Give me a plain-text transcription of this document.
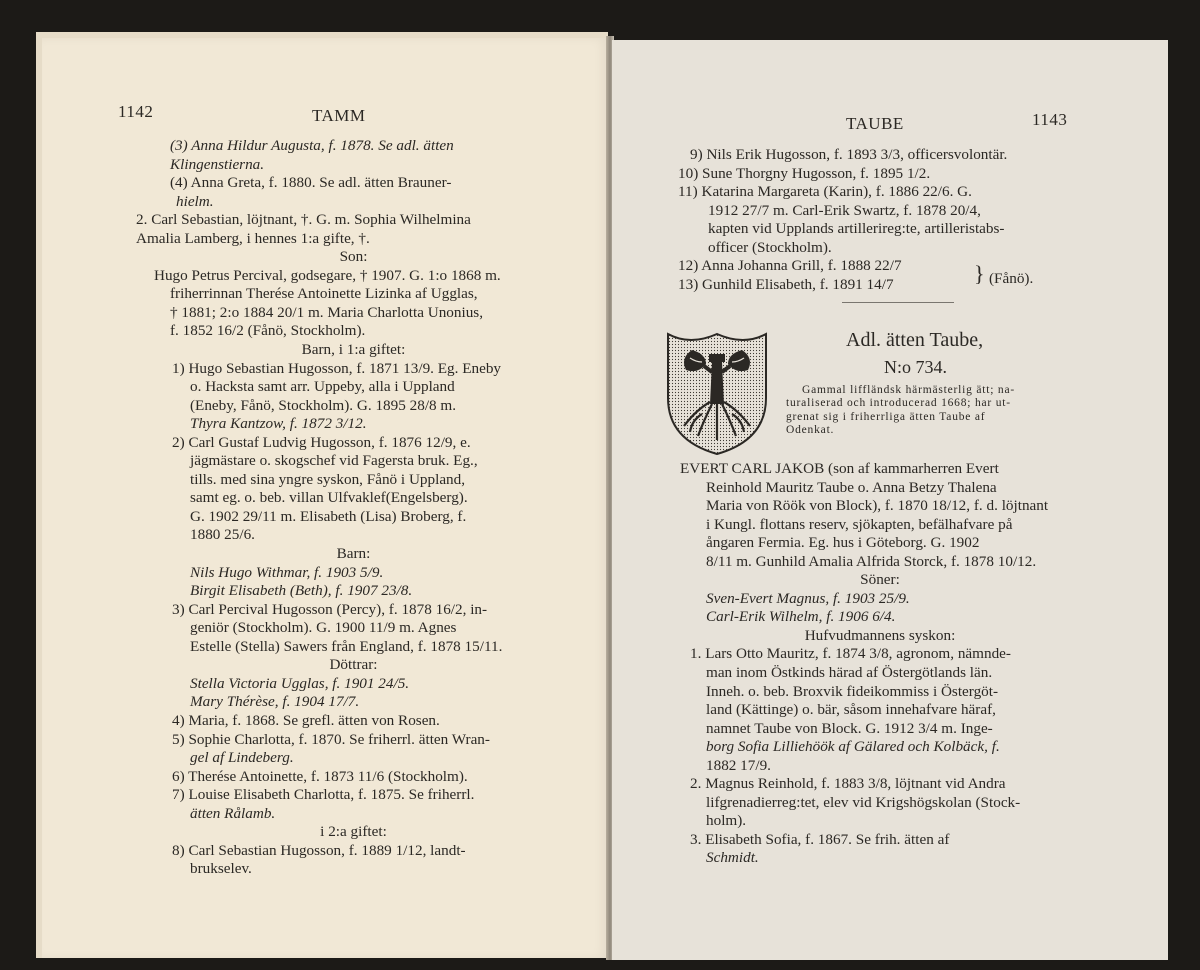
1142	TAMM

(3) Anna Hildur Augusta, f. 1878. Se adl. ätten

Klingenstierna.

(4) Anna Greta, f. 1880. Se adl. ätten Brauner-

hielm.

2. Carl Sebastian, löjtnant, †. G. m. Sophia Wilhelmina

Amalia Lamberg, i hennes 1:a gifte, †.

Son:

Hugo Petrus Percival, godsegare, † 1907. G. 1:o 1868 m.

friherrinnan Therése Antoinette Lizinka af Ugglas,

† 1881; 2:o 1884 20/1 m. Maria Charlotta Unonius,

f. 1852 16/2 (Fånö, Stockholm).

Barn, i 1:a giftet:

1) Hugo Sebastian Hugosson, f. 1871 13/9. Eg. Eneby

o. Hacksta samt arr. Uppeby, alla i Uppland

(Eneby, Fånö, Stockholm). G. 1895 28/8 m.

Thyra Kantzow, f. 1872 3/12.

2) Carl Gustaf Ludvig Hugosson, f. 1876 12/9, e.

jägmästare o. skogschef vid Fagersta bruk. Eg.,

tills. med sina yngre syskon, Fånö i Uppland,

samt eg. o. beb. villan Ulfvaklef(Engelsberg).

G. 1902 29/11 m. Elisabeth (Lisa) Broberg, f.

1880 25/6.

Barn:

Nils Hugo Withmar, f. 1903 5/9.

Birgit Elisabeth (Beth), f. 1907 23/8.

3) Carl Percival Hugosson (Percy), f. 1878 16/2, in-

geniör (Stockholm). G. 1900 11/9 m. Agnes

Estelle (Stella) Sawers från England, f. 1878 15/11.

Döttrar:

Stella Victoria Ugglas, f. 1901 24/5.

Mary Thérèse, f. 1904 17/7.

4) Maria, f. 1868. Se grefl. ätten von Rosen.

5) Sophie Charlotta, f. 1870. Se friherrl. ätten Wran-

gel af Lindeberg.

6) Therése Antoinette, f. 1873 11/6 (Stockholm).

7) Louise Elisabeth Charlotta, f. 1875. Se friherrl.

ätten Rålamb.

i 2:a giftet:

8) Carl Sebastian Hugosson, f. 1889 1/12, landt-

brukselev.

TAUBE	1143

9) Nils Erik Hugosson, f. 1893 3/3, officersvolontär.

10) Sune Thorgny Hugosson, f. 1895 1/2.

11) Katarina Margareta (Karin), f. 1886 22/6. G.

1912 27/7 m. Carl-Erik Swartz, f. 1878 20/4,

kapten vid Upplands artillerireg:te, artilleristabs-

officer (Stockholm).

12) Anna Johanna Grill, f. 1888 22/7

13) Gunhild Elisabeth, f. 1891 14/7	} (Fånö).
Adl. ätten Taube,
N:o 734.

Gammal liffländsk härmästerlig ätt; na-

turaliserad och introducerad 1668; har ut-

grenat sig i friherrliga ätten Taube af

Odenkat.

EVERT CARL JAKOB (son af kammarherren Evert

Reinhold Mauritz Taube o. Anna Betzy Thalena

Maria von Röök von Block), f. 1870 18/12, f. d. löjtnant

i Kungl. flottans reserv, sjökapten, befälhafvare på

ångaren Fermia. Eg. hus i Göteborg. G. 1902

8/11 m. Gunhild Amalia Alfrida Storck, f. 1878 10/12.

Söner:

Sven-Evert Magnus, f. 1903 25/9.

Carl-Erik Wilhelm, f. 1906 6/4.

Hufvudmannens syskon:

1. Lars Otto Mauritz, f. 1874 3/8, agronom, nämnde-

man inom Östkinds härad af Östergötlands län.

Inneh. o. beb. Broxvik fideikommiss i Östergöt-

land (Kättinge) o. bär, såsom innehafvare häraf,

namnet Taube von Block. G. 1912 3/4 m. Inge-

borg Sofia Lilliehöök af Gälared och Kolbäck, f.

1882 17/9.

2. Magnus Reinhold, f. 1883 3/8, löjtnant vid Andra

lifgrenadierreg:tet, elev vid Krigshögskolan (Stock-

holm).

3. Elisabeth Sofia, f. 1867. Se frih. ätten af

Schmidt.
